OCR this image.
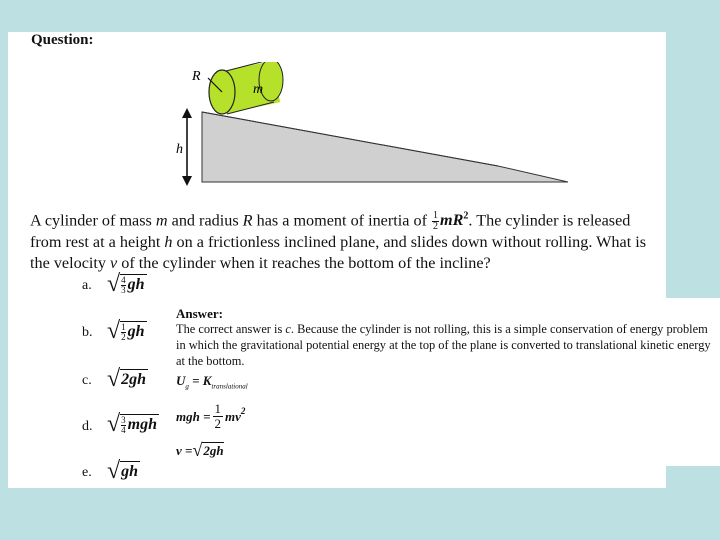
Question:
R
m
h
A cylinder of mass m and radius R has a moment of inertia of $\frac{1}{2} mR^2$. The cylinder is released from rest at a height h on a frictionless inclined plane, and slides down without rolling. What is the velocity v of the cylinder when it reaches the bottom of the incline?
a. √ 4
3 gh
b. √ 1
2 gh
c. √ 2 gh
d. √ 3
4 mgh
e. √ gh
Answer:
The correct answer is c. Because the cylinder is not rolling, this is a simple conservation of energy problem in which the gravitational potential energy at the top of the plane is converted to translational kinetic energy at the bottom.
$U_g = K_{translational}$
mgh = $\frac{1}{2} mv^2$
v = √ 2gh
